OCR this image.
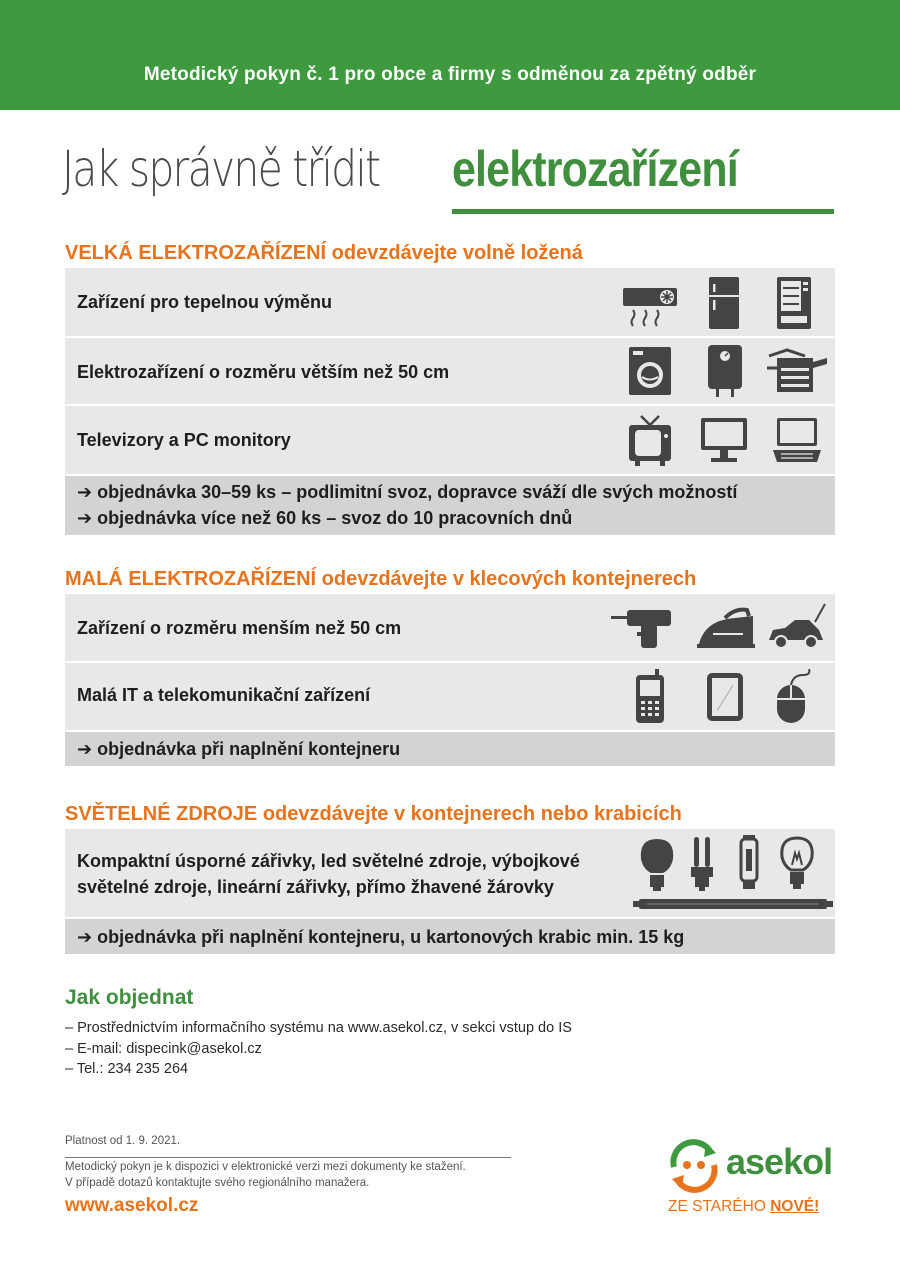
Metodický pokyn č. 1 pro obce a firmy s odměnou za zpětný odběr
Jak správně třídit elektrozařízení
VELKÁ ELEKTROZAŘÍZENÍ odevzdávejte volně ložená
Zařízení pro tepelnou výměnu
Elektrozařízení o rozměru větším než 50 cm
Televizory a PC monitory
➔ objednávka 30–59 ks – podlimitní svoz, dopravce sváží dle svých možností
➔ objednávka více než 60 ks – svoz do 10 pracovních dnů
MALÁ ELEKTROZAŘÍZENÍ odevzdávejte v klecových kontejnerech
Zařízení o rozměru menším než 50 cm
Malá IT a telekomunikační zařízení
➔ objednávka při naplnění kontejneru
SVĚTELNÉ ZDROJE odevzdávejte v kontejnerech nebo krabicích
Kompaktní úsporné zářivky, led světelné zdroje, výbojkové
světelné zdroje, lineární zářivky, přímo žhavené žárovky
➔ objednávka při naplnění kontejneru, u kartonových krabic min. 15 kg
Jak objednat
– Prostřednictvím informačního systému na www.asekol.cz, v sekci vstup do IS
– E-mail: dispecink@asekol.cz
– Tel.: 234 235 264
Platnost od 1. 9. 2021.
Metodický pokyn je k dispozici v elektronické verzi mezi dokumenty ke stažení.
V případě dotazů kontaktujte svého regionálního manažera.
www.asekol.cz
asekol
ZE STARÉHO NOVÉ!
